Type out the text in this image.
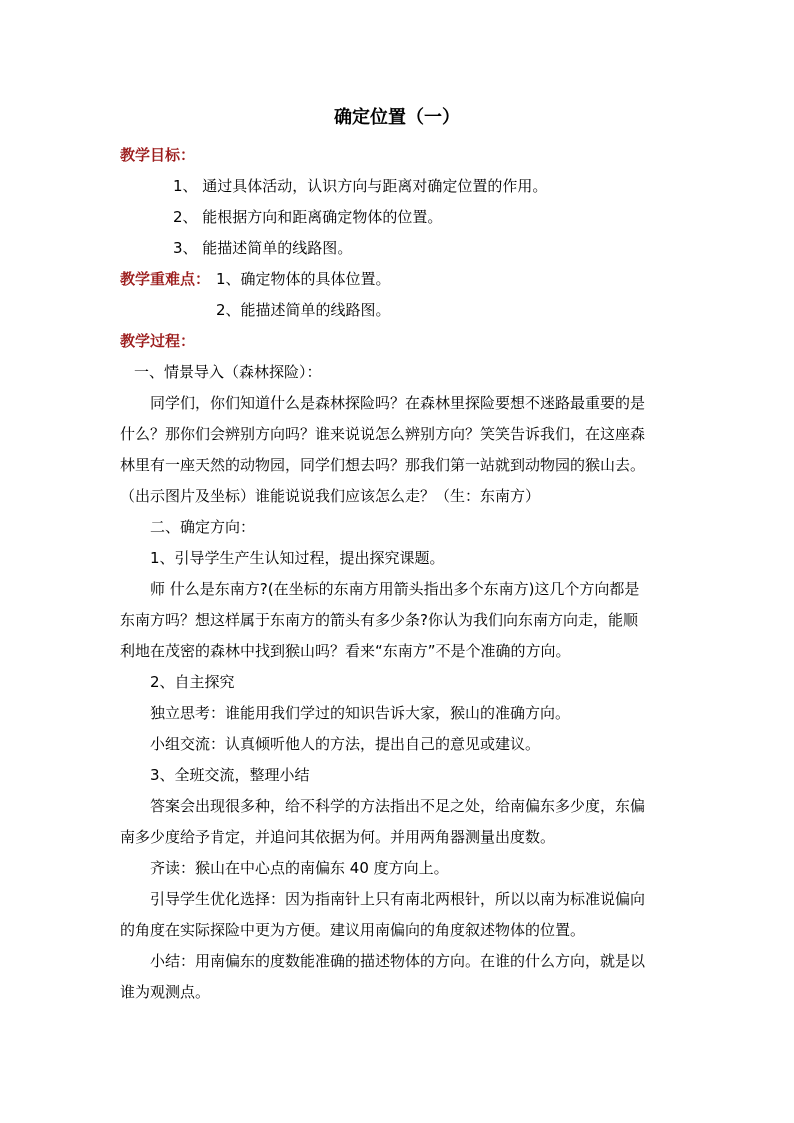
确定位置（一）
教学目标：
1、 通过具体活动，认识方向与距离对确定位置的作用。
2、 能根据方向和距离确定物体的位置。
3、 能描述简单的线路图。
教学重难点： 1、确定物体的具体位置。
2、能描述简单的线路图。
教学过程：
一、情景导入（森林探险）：
同学们，你们知道什么是森林探险吗？在森林里探险要想不迷路最重要的是
什么？那你们会辨别方向吗？谁来说说怎么辨别方向？笑笑告诉我们，在这座森
林里有一座天然的动物园，同学们想去吗？那我们第一站就到动物园的猴山去。
（出示图片及坐标）谁能说说我们应该怎么走？（生：东南方）
二、确定方向：
1、引导学生产生认知过程，提出探究课题。
师 什么是东南方?(在坐标的东南方用箭头指出多个东南方)这几个方向都是
东南方吗？想这样属于东南方的箭头有多少条?你认为我们向东南方向走，能顺
利地在茂密的森林中找到猴山吗？看来“东南方”不是个准确的方向。
2、自主探究
独立思考：谁能用我们学过的知识告诉大家，猴山的准确方向。
小组交流：认真倾听他人的方法，提出自己的意见或建议。
3、全班交流，整理小结
答案会出现很多种，给不科学的方法指出不足之处，给南偏东多少度，东偏
南多少度给予肯定，并追问其依据为何。并用两角器测量出度数。
齐读：猴山在中心点的南偏东 40 度方向上。
引导学生优化选择：因为指南针上只有南北两根针，所以以南为标准说偏向
的角度在实际探险中更为方便。建议用南偏向的角度叙述物体的位置。
小结：用南偏东的度数能准确的描述物体的方向。在谁的什么方向，就是以
谁为观测点。
